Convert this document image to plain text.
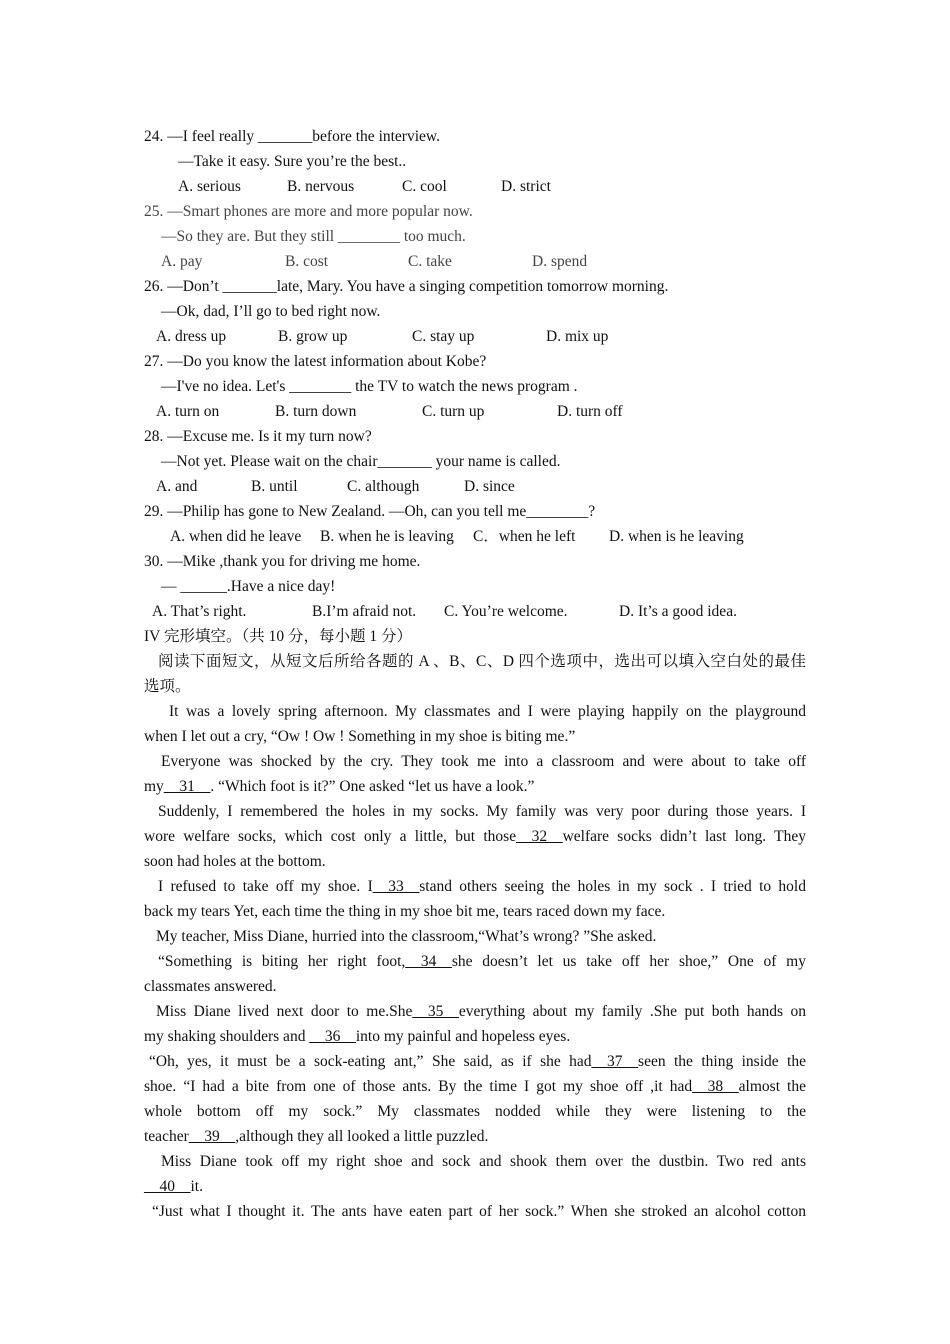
24. —I feel really _______before the interview.
—Take it easy. Sure you’re the best..
A. serious	B. nervous	C. cool	D. strict
25. —Smart phones are more and more popular now.
—So they are. But they still ________ too much.
A. pay	B. cost	C. take	D. spend
26. —Don’t _______late, Mary. You have a singing competition tomorrow morning.
—Ok, dad, I’ll go to bed right now.
A. dress up	B. grow up	C. stay up	D. mix up
27. —Do you know the latest information about Kobe?
—I've no idea. Let's ________ the TV to watch the news program .
A. turn on	B. turn down	C. turn up	D. turn off
28. —Excuse me. Is it my turn now?
—Not yet. Please wait on the chair_______ your name is called.
A. and	B. until	C. although	D. since
29. —Philip has gone to New Zealand. —Oh, can you tell me________?
A. when did he leave B. when he is leaving C．when he left D. when is he leaving
30. —Mike ,thank you for driving me home.
— ______.Have a nice day!
A. That’s right.	B.I’m afraid not. C. You’re welcome.	D. It’s a good idea.
IV 完形填空。（共 10 分，每小题 1 分）
阅读下面短文，从短文后所给各题的 A 、B、C、D 四个选项中，选出可以填入空白处的最佳
选项。
It was a lovely spring afternoon. My classmates and I were playing happily on the playground
when I let out a cry, “Ow ! Ow ! Something in my shoe is biting me.”
Everyone was shocked by the cry. They took me into a classroom and were about to take off
my__31__. “Which foot is it?” One asked “let us have a look.”
Suddenly, I remembered the holes in my socks. My family was very poor during those years. I
wore welfare socks, which cost only a little, but those__32__welfare socks didn’t last long. They
soon had holes at the bottom.
I refused to take off my shoe. I__33__stand others seeing the holes in my sock . I tried to hold
back my tears Yet, each time the thing in my shoe bit me, tears raced down my face.
My teacher, Miss Diane, hurried into the classroom,“What’s wrong? ”She asked.
“Something is biting her right foot,__34__she doesn’t let us take off her shoe,” One of my
classmates answered.
Miss Diane lived next door to me.She__35__everything about my family .She put both hands on
my shaking shoulders and __36__into my painful and hopeless eyes.
“Oh, yes, it must be a sock-eating ant,” She said, as if she had__37__seen the thing inside the
shoe. “I had a bite from one of those ants. By the time I got my shoe off ,it had__38__almost the
whole bottom off my sock.” My classmates nodded while they were listening to the
teacher__39__,although they all looked a little puzzled.
Miss Diane took off my right shoe and sock and shook them over the dustbin. Two red ants
__40__it.
“Just what I thought it. The ants have eaten part of her sock.” When she stroked an alcohol cotton
